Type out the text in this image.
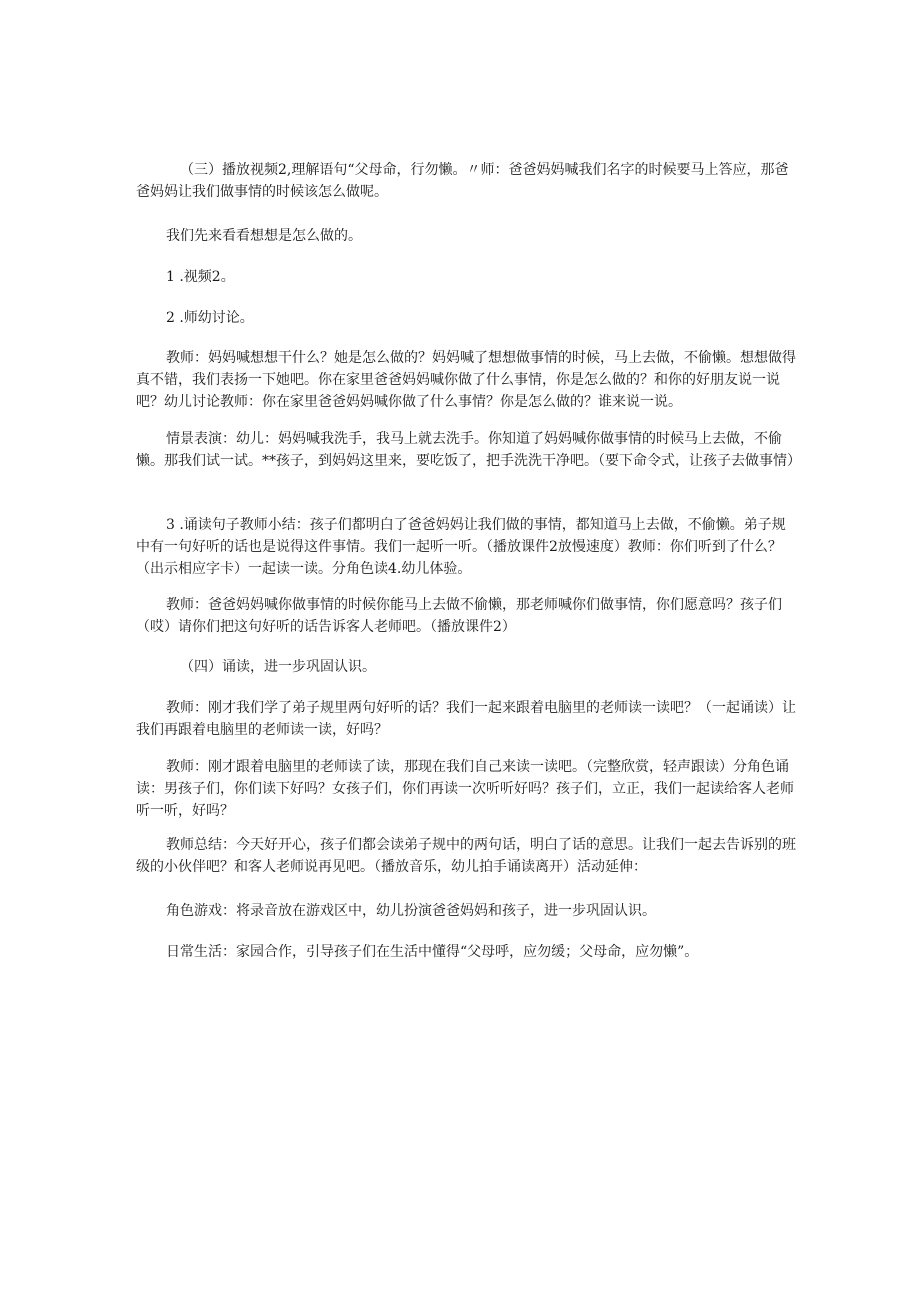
（三）播放视频2,理解语句“父母命，行勿懒。〃师：爸爸妈妈喊我们名字的时候要马上答应，那爸爸妈妈让我们做事情的时候该怎么做呢。

我们先来看看想想是怎么做的。

1 .视频2。

2 .师幼讨论。

教师：妈妈喊想想干什么？她是怎么做的？妈妈喊了想想做事情的时候，马上去做，不偷懒。想想做得真不错，我们表扬一下她吧。你在家里爸爸妈妈喊你做了什么事情，你是怎么做的？和你的好朋友说一说吧？幼儿讨论教师：你在家里爸爸妈妈喊你做了什么事情？你是怎么做的？谁来说一说。

情景表演：幼儿：妈妈喊我洗手，我马上就去洗手。你知道了妈妈喊你做事情的时候马上去做，不偷懒。那我们试一试。**孩子，到妈妈这里来，要吃饭了，把手洗洗干净吧。（要下命令式，让孩子去做事情）

3 .诵读句子教师小结：孩子们都明白了爸爸妈妈让我们做的事情，都知道马上去做，不偷懒。弟子规中有一句好听的话也是说得这件事情。我们一起听一听。（播放课件2放慢速度）教师：你们听到了什么？（出示相应字卡）一起读一读。分角色读4.幼儿体验。

教师：爸爸妈妈喊你做事情的时候你能马上去做不偷懒，那老师喊你们做事情，你们愿意吗？孩子们（哎）请你们把这句好听的话告诉客人老师吧。（播放课件2）

（四）诵读，进一步巩固认识。

教师：刚才我们学了弟子规里两句好听的话？我们一起来跟着电脑里的老师读一读吧？（一起诵读）让我们再跟着电脑里的老师读一读，好吗？

教师：刚才跟着电脑里的老师读了读，那现在我们自己来读一读吧。（完整欣赏，轻声跟读）分角色诵读：男孩子们，你们读下好吗？女孩子们，你们再读一次听听好吗？孩子们，立正，我们一起读给客人老师听一听，好吗？

教师总结：今天好开心，孩子们都会读弟子规中的两句话，明白了话的意思。让我们一起去告诉别的班级的小伙伴吧？和客人老师说再见吧。（播放音乐，幼儿拍手诵读离开）活动延伸：

角色游戏：将录音放在游戏区中，幼儿扮演爸爸妈妈和孩子，进一步巩固认识。

日常生活：家园合作，引导孩子们在生活中懂得“父母呼，应勿缓；父母命，应勿懒”。
